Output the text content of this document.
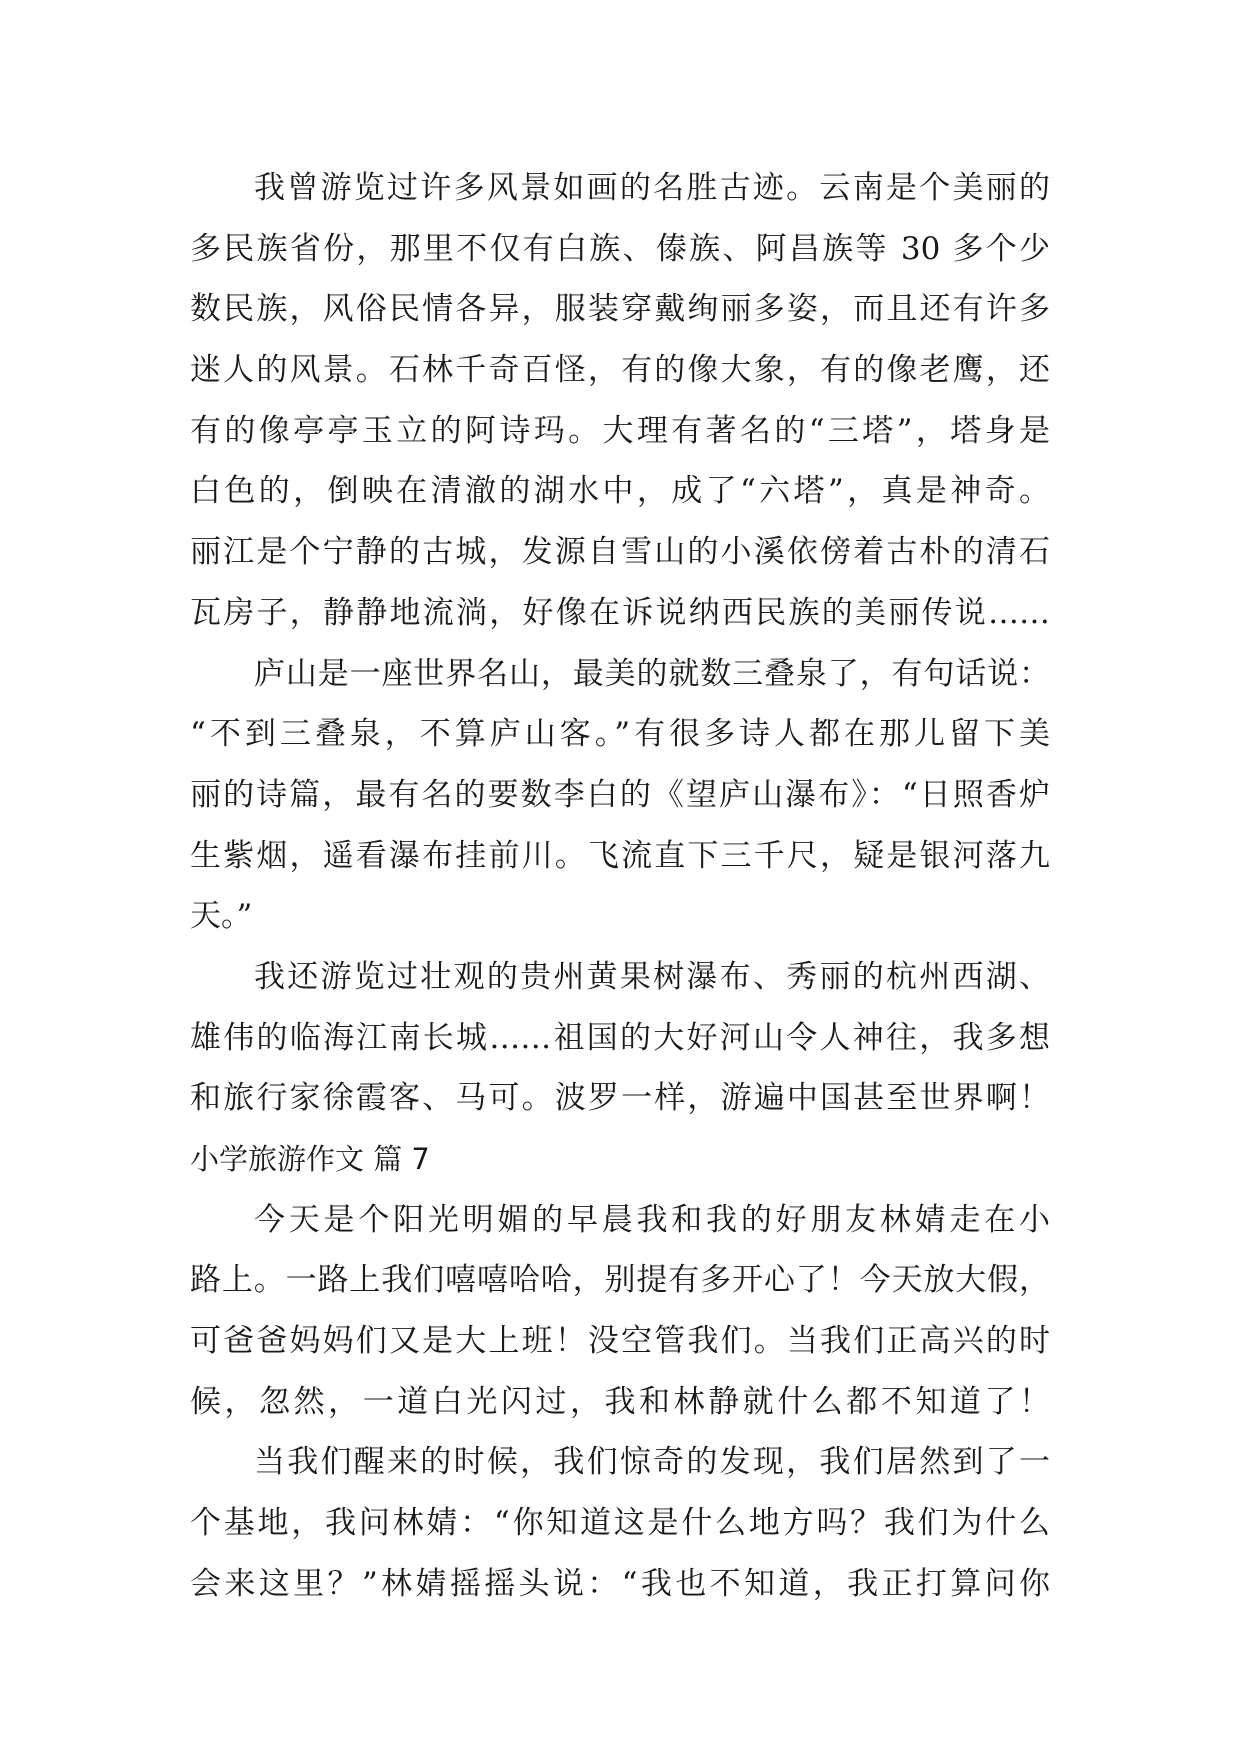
我曾游览过许多风景如画的名胜古迹。云南是个美丽的
多民族省份，那里不仅有白族、傣族、阿昌族等 30 多个少
数民族，风俗民情各异，服装穿戴绚丽多姿，而且还有许多
迷人的风景。石林千奇百怪，有的像大象，有的像老鹰，还
有的像亭亭玉立的阿诗玛。大理有著名的“三塔”，塔身是
白色的，倒映在清澈的湖水中，成了“六塔”，真是神奇。
丽江是个宁静的古城，发源自雪山的小溪依傍着古朴的清石
瓦房子，静静地流淌，好像在诉说纳西民族的美丽传说……
庐山是一座世界名山，最美的就数三叠泉了，有句话说：
“不到三叠泉，不算庐山客。”有很多诗人都在那儿留下美
丽的诗篇，最有名的要数李白的《望庐山瀑布》：“日照香炉
生紫烟，遥看瀑布挂前川。飞流直下三千尺，疑是银河落九
天。”
我还游览过壮观的贵州黄果树瀑布、秀丽的杭州西湖、
雄伟的临海江南长城……祖国的大好河山令人神往，我多想
和旅行家徐霞客、马可。波罗一样，游遍中国甚至世界啊！
小学旅游作文 篇 7
今天是个阳光明媚的早晨我和我的好朋友林婧走在小
路上。一路上我们嘻嘻哈哈，别提有多开心了！今天放大假，
可爸爸妈妈们又是大上班！没空管我们。当我们正高兴的时
候，忽然，一道白光闪过，我和林静就什么都不知道了！
当我们醒来的时候，我们惊奇的发现，我们居然到了一
个基地，我问林婧：“你知道这是什么地方吗？我们为什么
会来这里？”林婧摇摇头说：“我也不知道，我正打算问你
